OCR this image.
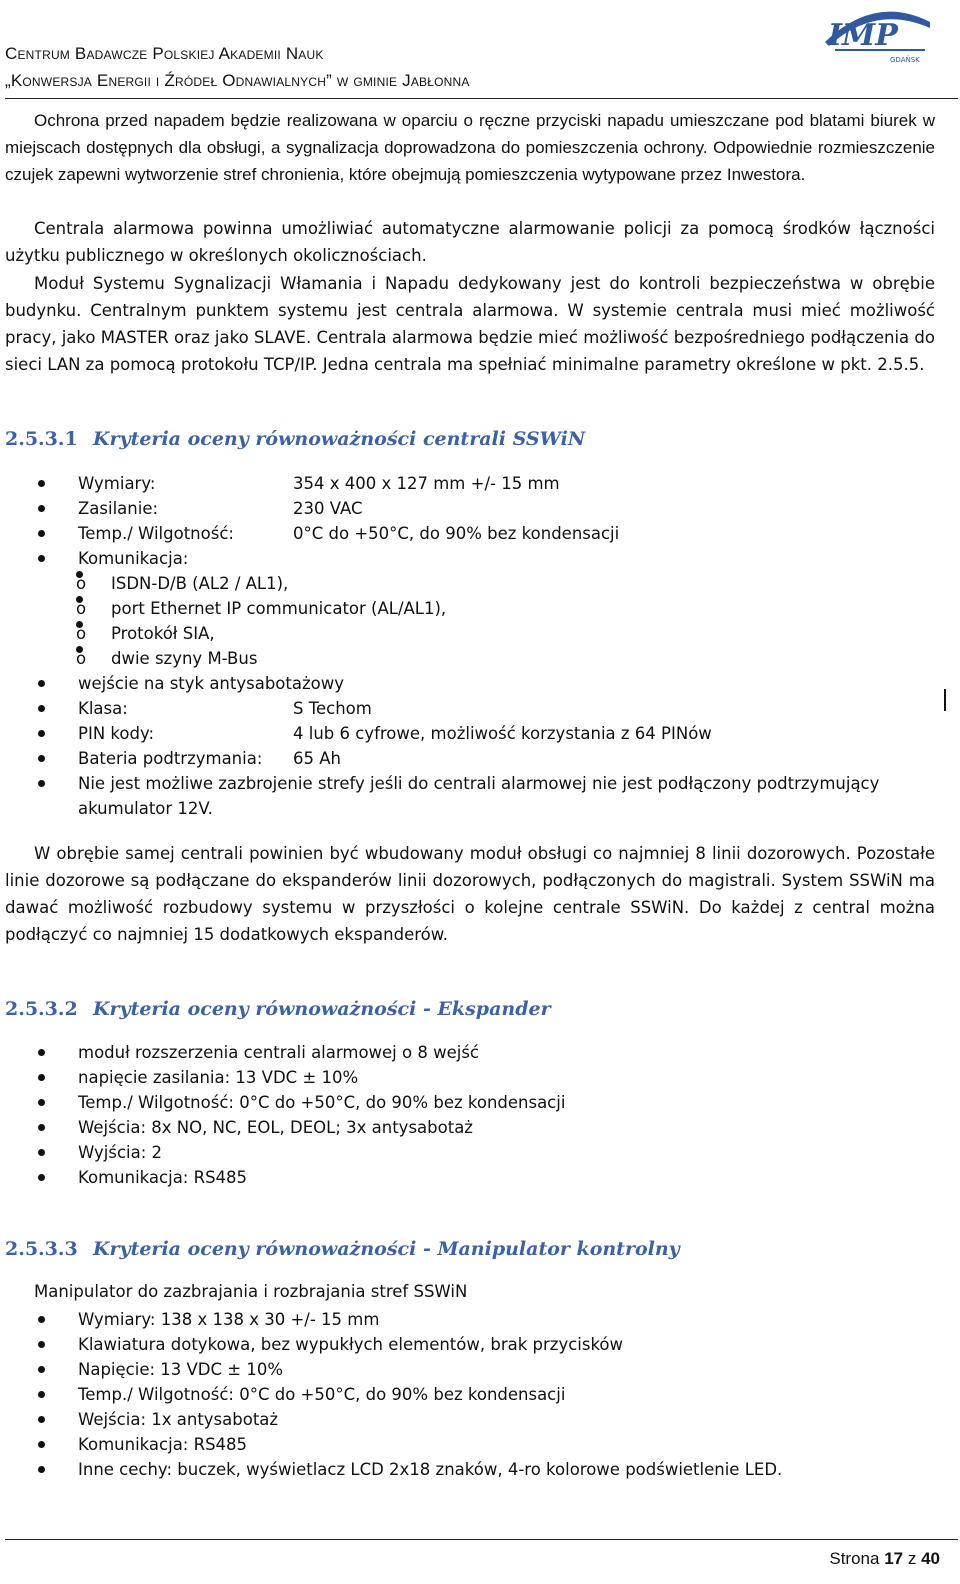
Centrum Badawcze Polskiej Akademii Nauk
„Konwersja Energii i Źródeł Odnawialnych” w gminie Jabłonna
IMP
GDAŃSK

Ochrona przed napadem będzie realizowana w oparciu o ręczne przyciski napadu umieszczane pod blatami biurek w miejscach dostępnych dla obsługi, a sygnalizacja doprowadzona do pomieszczenia ochrony. Odpowiednie rozmieszczenie czujek zapewni wytworzenie stref chronienia, które obejmują pomieszczenia wytypowane przez Inwestora.

Centrala alarmowa powinna umożliwiać automatyczne alarmowanie policji za pomocą środków łączności użytku publicznego w określonych okolicznościach.

Moduł Systemu Sygnalizacji Włamania i Napadu dedykowany jest do kontroli bezpieczeństwa w obrębie budynku. Centralnym punktem systemu jest centrala alarmowa. W systemie centrala musi mieć możliwość pracy, jako MASTER oraz jako SLAVE. Centrala alarmowa będzie mieć możliwość bezpośredniego podłączenia do sieci LAN za pomocą protokołu TCP/IP. Jedna centrala ma spełniać minimalne parametry określone w pkt. 2.5.5.

2.5.3.1 Kryteria oceny równoważności centrali SSWiN
Wymiary:	354 x 400 x 127 mm +/- 15 mm
Zasilanie:	230 VAC
Temp./ Wilgotność:	0°C do +50°C, do 90% bez kondensacji
Komunikacja:
o ISDN-D/B (AL2 / AL1),
o port Ethernet IP communicator (AL/AL1),
o Protokół SIA,
o dwie szyny M-Bus
wejście na styk antysabotażowy
Klasa:	S Techom
PIN kody:	4 lub 6 cyfrowe, możliwość korzystania z 64 PINów
Bateria podtrzymania: 65 Ah
Nie jest możliwe zazbrojenie strefy jeśli do centrali alarmowej nie jest podłączony podtrzymujący akumulator 12V.

W obrębie samej centrali powinien być wbudowany moduł obsługi co najmniej 8 linii dozorowych. Pozostałe linie dozorowe są podłączane do ekspanderów linii dozorowych, podłączonych do magistrali. System SSWiN ma dawać możliwość rozbudowy systemu w przyszłości o kolejne centrale SSWiN. Do każdej z central można podłączyć co najmniej 15 dodatkowych ekspanderów.

2.5.3.2 Kryteria oceny równoważności - Ekspander
moduł rozszerzenia centrali alarmowej o 8 wejść
napięcie zasilania: 13 VDC ± 10%
Temp./ Wilgotność: 0°C do +50°C, do 90% bez kondensacji
Wejścia: 8x NO, NC, EOL, DEOL; 3x antysabotaż
Wyjścia: 2
Komunikacja: RS485
2.5.3.3 Kryteria oceny równoważności - Manipulator kontrolny
Manipulator do zazbrajania i rozbrajania stref SSWiN
Wymiary: 138 x 138 x 30 +/- 15 mm
Klawiatura dotykowa, bez wypukłych elementów, brak przycisków
Napięcie: 13 VDC ± 10%
Temp./ Wilgotność: 0°C do +50°C, do 90% bez kondensacji
Wejścia: 1x antysabotaż
Komunikacja: RS485
Inne cechy: buczek, wyświetlacz LCD 2x18 znaków, 4-ro kolorowe podświetlenie LED.
Strona 17 z 40
